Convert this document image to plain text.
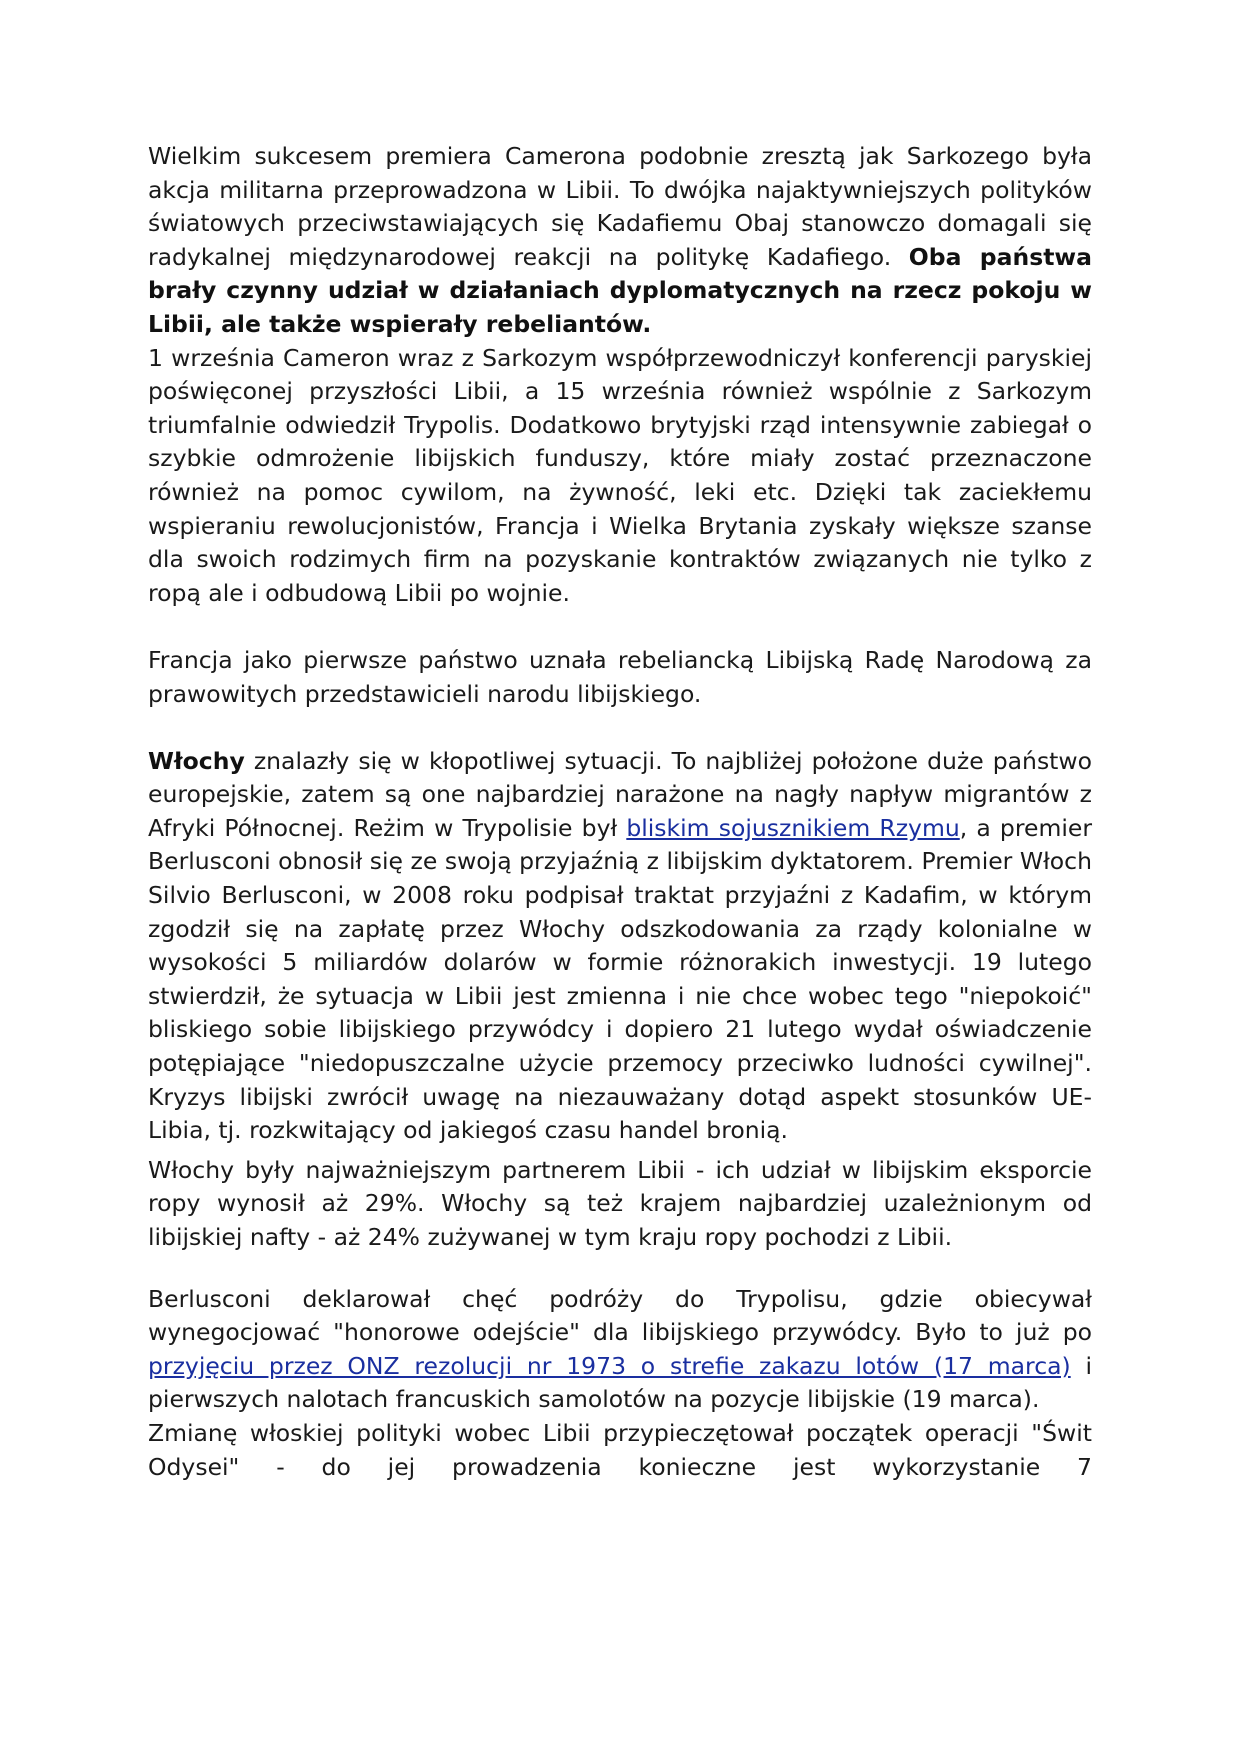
Wielkim sukcesem premiera Camerona podobnie zresztą jak Sarkozego była akcja militarna przeprowadzona w Libii. To dwójka najaktywniejszych polityków światowych przeciwstawiających się Kadafiemu Obaj stanowczo domagali się radykalnej międzynarodowej reakcji na politykę Kadafiego. Oba państwa brały czynny udział w działaniach dyplomatycznych na rzecz pokoju w Libii, ale także wspierały rebeliantów.

1 września Cameron wraz z Sarkozym współprzewodniczył konferencji paryskiej poświęconej przyszłości Libii, a 15 września również wspólnie z Sarkozym triumfalnie odwiedził Trypolis. Dodatkowo brytyjski rząd intensywnie zabiegał o szybkie odmrożenie libijskich funduszy, które miały zostać przeznaczone również na pomoc cywilom, na żywność, leki etc. Dzięki tak zaciekłemu wspieraniu rewolucjonistów, Francja i Wielka Brytania zyskały większe szanse dla swoich rodzimych firm na pozyskanie kontraktów związanych nie tylko z ropą ale i odbudową Libii po wojnie.

Francja jako pierwsze państwo uznała rebeliancką Libijską Radę Narodową za prawowitych przedstawicieli narodu libijskiego.

Włochy znalazły się w kłopotliwej sytuacji. To najbliżej położone duże państwo europejskie, zatem są one najbardziej narażone na nagły napływ migrantów z Afryki Północnej. Reżim w Trypolisie był bliskim sojusznikiem Rzymu, a premier Berlusconi obnosił się ze swoją przyjaźnią z libijskim dyktatorem. Premier Włoch Silvio Berlusconi, w 2008 roku podpisał traktat przyjaźni z Kadafim, w którym zgodził się na zapłatę przez Włochy odszkodowania za rządy kolonialne w wysokości 5 miliardów dolarów w formie różnorakich inwestycji. 19 lutego stwierdził, że sytuacja w Libii jest zmienna i nie chce wobec tego "niepokoić" bliskiego sobie libijskiego przywódcy i dopiero 21 lutego wydał oświadczenie potępiające "niedopuszczalne użycie przemocy przeciwko ludności cywilnej". Kryzys libijski zwrócił uwagę na niezauważany dotąd aspekt stosunków UE-Libia, tj. rozkwitający od jakiegoś czasu handel bronią.

Włochy były najważniejszym partnerem Libii - ich udział w libijskim eksporcie ropy wynosił aż 29%. Włochy są też krajem najbardziej uzależnionym od libijskiej nafty - aż 24% zużywanej w tym kraju ropy pochodzi z Libii.

Berlusconi deklarował chęć podróży do Trypolisu, gdzie obiecywał wynegocjować "honorowe odejście" dla libijskiego przywódcy. Było to już po przyjęciu przez ONZ rezolucji nr 1973 o strefie zakazu lotów (17 marca) i pierwszych nalotach francuskich samolotów na pozycje libijskie (19 marca).

Zmianę włoskiej polityki wobec Libii przypieczętował początek operacji "Świt Odysei" - do jej prowadzenia konieczne jest wykorzystanie 7
